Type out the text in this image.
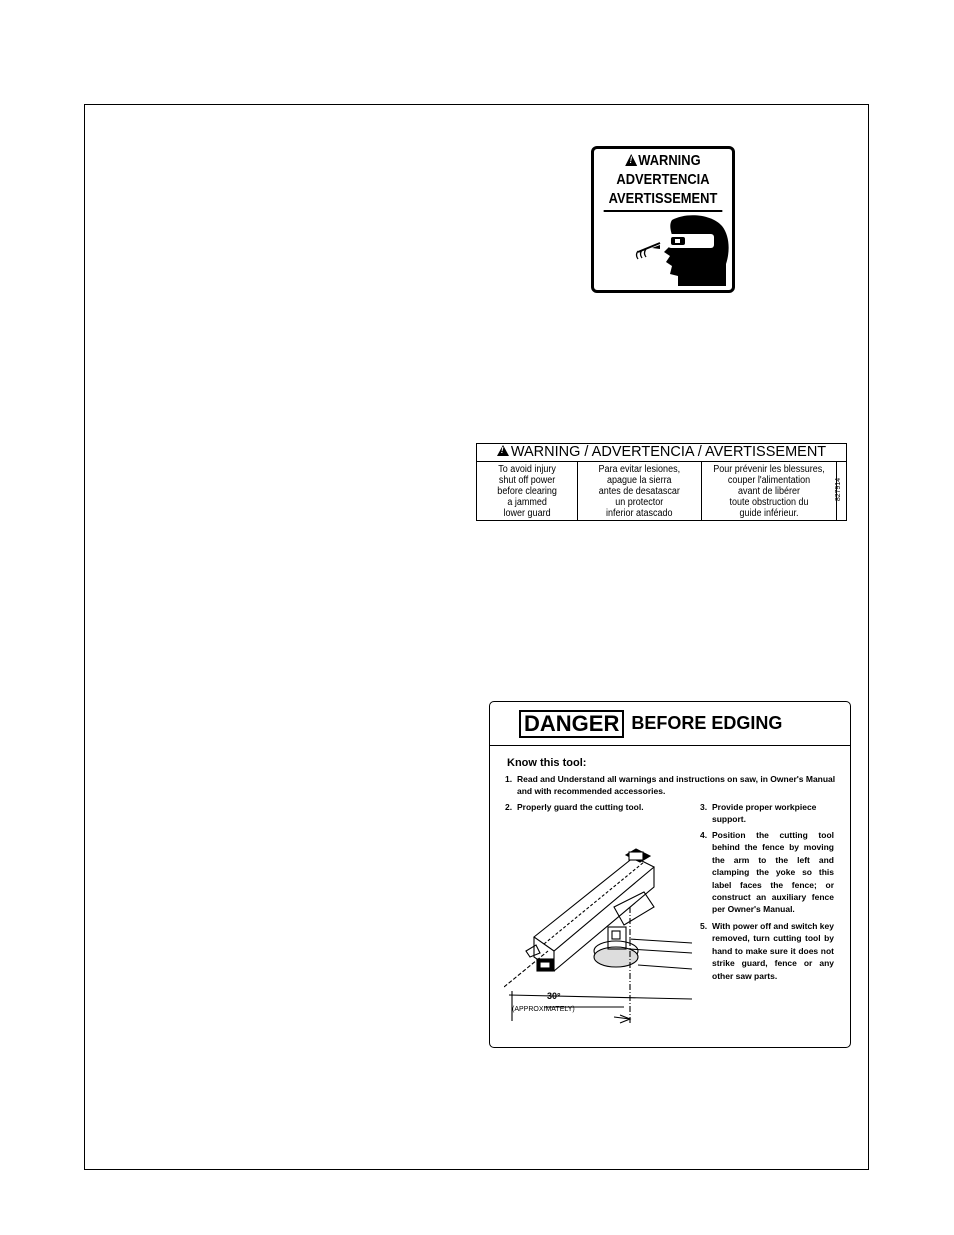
!WARNING
ADVERTENCIA
AVERTISSEMENT
!WARNING / ADVERTENCIA / AVERTISSEMENT
To avoid injury
shut off power
before clearing
a jammed
lower guard
Para evitar lesiones,
apague la sierra
antes de desatascar
un protector
inferior atascado
Pour prévenir les blessures,
couper l'alimentation
avant de libérer
toute obstruction du
guide inférieur.
827914
DANGER BEFORE EDGING
Know this tool:
1. Read and Understand all warnings and instructions on saw, in Owner's Manual and with recommended accessories.
2. Properly guard the cutting tool.	3. Provide proper workpiece support.
4. Position the cutting tool behind the fence by moving the arm to the left and clamping the yoke so this label faces the fence; or construct an auxiliary fence per Owner's Manual.
5. With power off and switch key removed, turn cutting tool by hand to make sure it does not strike guard, fence or any other saw parts.
30°
(APPROXIMATELY)
